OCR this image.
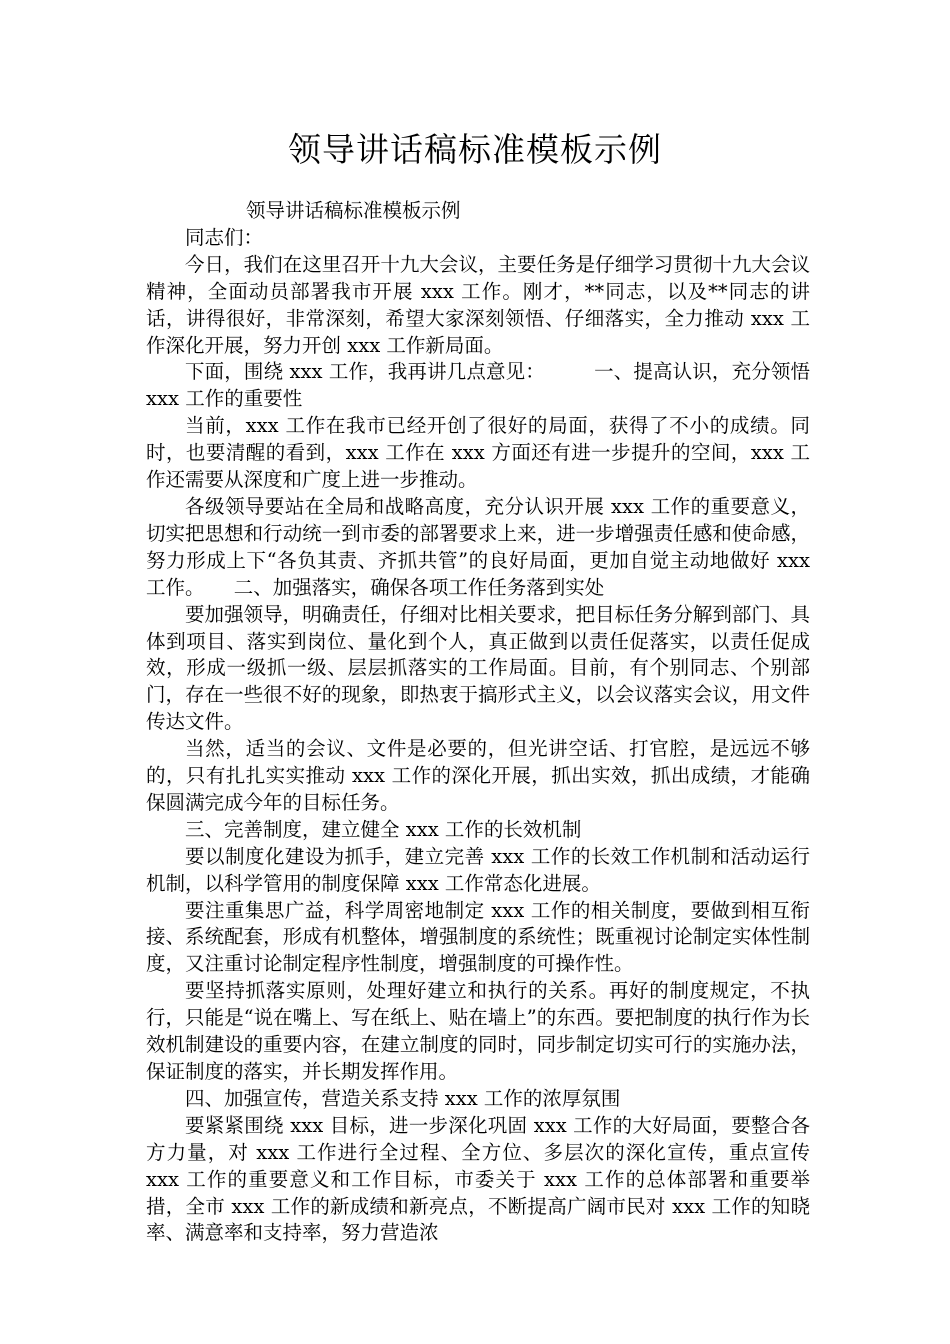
领导讲话稿标准模板示例

领导讲话稿标准模板示例

同志们：

今日，我们在这里召开十九大会议，主要任务是仔细学习贯彻十九大会议精神，全面动员部署我市开展 xxx 工作。刚才，**同志，以及**同志的讲话，讲得很好，非常深刻，希望大家深刻领悟、仔细落实，全力推动 xxx 工作深化开展，努力开创 xxx 工作新局面。

下面，围绕 xxx 工作，我再讲几点意见：　　　一、提高认识，充分领悟 xxx 工作的重要性

当前，xxx 工作在我市已经开创了很好的局面，获得了不小的成绩。同时，也要清醒的看到，xxx 工作在 xxx 方面还有进一步提升的空间，xxx 工作还需要从深度和广度上进一步推动。

各级领导要站在全局和战略高度，充分认识开展 xxx 工作的重要意义，切实把思想和行动统一到市委的部署要求上来，进一步增强责任感和使命感，努力形成上下“各负其责、齐抓共管”的良好局面，更加自觉主动地做好 xxx 工作。　　二、加强落实，确保各项工作任务落到实处

要加强领导，明确责任，仔细对比相关要求，把目标任务分解到部门、具体到项目、落实到岗位、量化到个人，真正做到以责任促落实，以责任促成效，形成一级抓一级、层层抓落实的工作局面。目前，有个别同志、个别部门，存在一些很不好的现象，即热衷于搞形式主义，以会议落实会议，用文件传达文件。

当然，适当的会议、文件是必要的，但光讲空话、打官腔，是远远不够的，只有扎扎实实推动 xxx 工作的深化开展，抓出实效，抓出成绩，才能确保圆满完成今年的目标任务。

三、完善制度，建立健全 xxx 工作的长效机制

要以制度化建设为抓手，建立完善 xxx 工作的长效工作机制和活动运行机制，以科学管用的制度保障 xxx 工作常态化进展。

要注重集思广益，科学周密地制定 xxx 工作的相关制度，要做到相互衔接、系统配套，形成有机整体，增强制度的系统性；既重视讨论制定实体性制度，又注重讨论制定程序性制度，增强制度的可操作性。

要坚持抓落实原则，处理好建立和执行的关系。再好的制度规定，不执行，只能是“说在嘴上、写在纸上、贴在墙上”的东西。要把制度的执行作为长效机制建设的重要内容，在建立制度的同时，同步制定切实可行的实施办法，保证制度的落实，并长期发挥作用。

四、加强宣传，营造关系支持 xxx 工作的浓厚氛围

要紧紧围绕 xxx 目标，进一步深化巩固 xxx 工作的大好局面，要整合各方力量，对 xxx 工作进行全过程、全方位、多层次的深化宣传，重点宣传 xxx 工作的重要意义和工作目标，市委关于 xxx 工作的总体部署和重要举措，全市 xxx 工作的新成绩和新亮点，不断提高广阔市民对 xxx 工作的知晓率、满意率和支持率，努力营造浓
